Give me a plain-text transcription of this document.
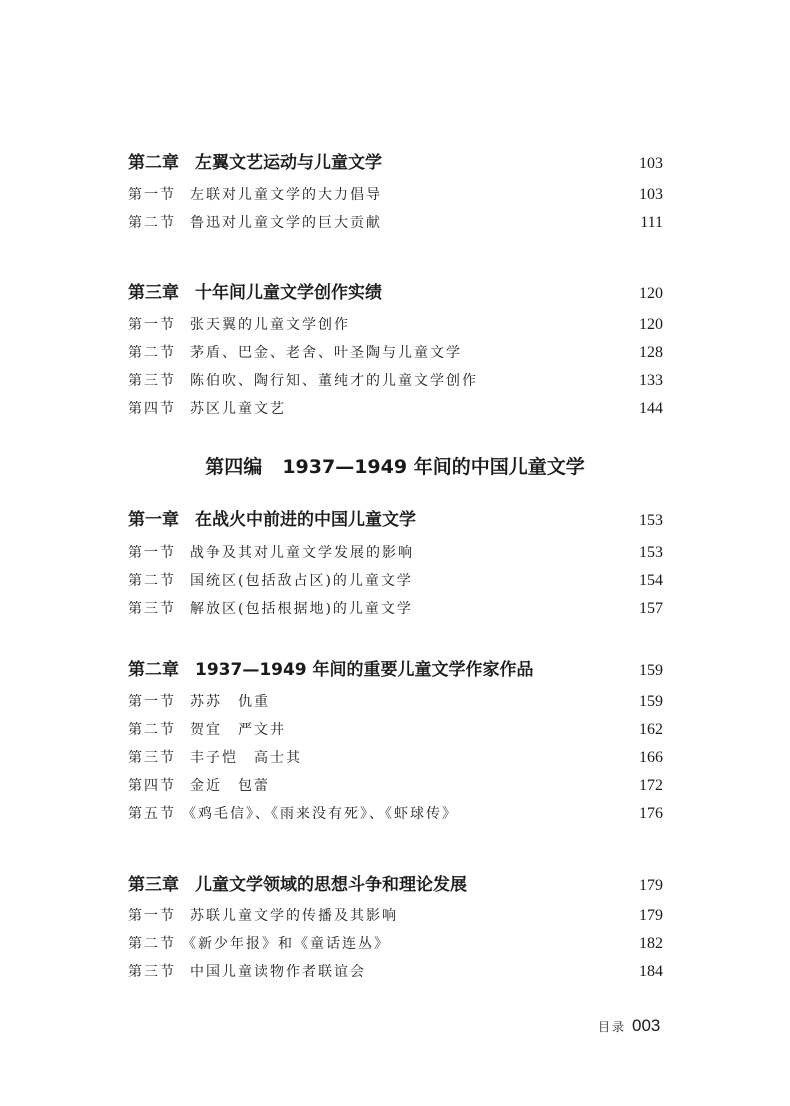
第二章 左翼文艺运动与儿童文学	103
第一节 左联对儿童文学的大力倡导	103
第二节 鲁迅对儿童文学的巨大贡献	111
第三章 十年间儿童文学创作实绩	120
第一节 张天翼的儿童文学创作	120
第二节 茅盾、巴金、老舍、叶圣陶与儿童文学	128
第三节 陈伯吹、陶行知、董纯才的儿童文学创作	133
第四节 苏区儿童文艺	144
第四编 1937—1949 年间的中国儿童文学
第一章 在战火中前进的中国儿童文学	153
第一节 战争及其对儿童文学发展的影响	153
第二节 国统区(包括敌占区)的儿童文学	154
第三节 解放区(包括根据地)的儿童文学	157
第二章 1937—1949 年间的重要儿童文学作家作品	159
第一节 苏苏　仇重	159
第二节 贺宜　严文井	162
第三节 丰子恺　高士其	166
第四节 金近　包蕾	172
第五节 《鸡毛信》、《雨来没有死》、《虾球传》	176
第三章 儿童文学领域的思想斗争和理论发展	179
第一节 苏联儿童文学的传播及其影响	179
第二节 《新少年报》和《童话连丛》	182
第三节 中国儿童读物作者联谊会	184
目录 003
